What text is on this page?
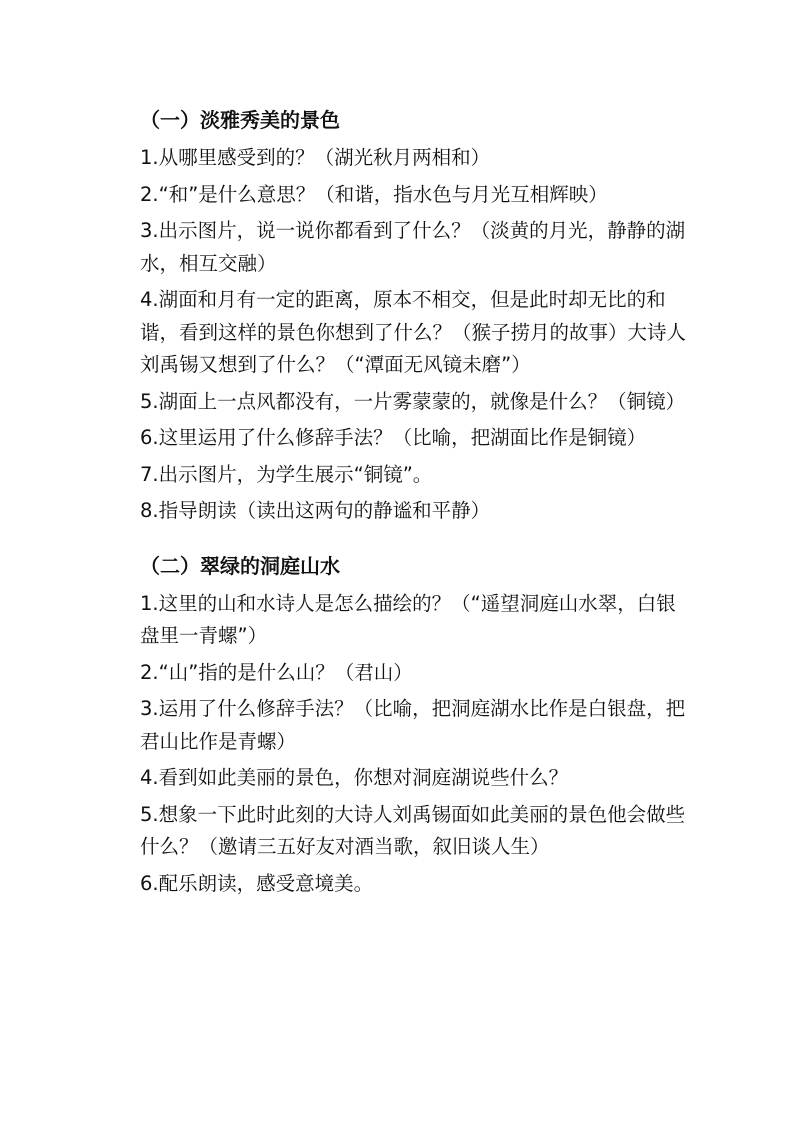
（一）淡雅秀美的景色
1.从哪里感受到的？（湖光秋月两相和）
2.“和”是什么意思？（和谐，指水色与月光互相辉映）
3.出示图片，说一说你都看到了什么？（淡黄的月光，静静的湖水，相互交融）
4.湖面和月有一定的距离，原本不相交，但是此时却无比的和谐，看到这样的景色你想到了什么？（猴子捞月的故事）大诗人刘禹锡又想到了什么？（“潭面无风镜未磨”）
5.湖面上一点风都没有，一片雾蒙蒙的，就像是什么？（铜镜）
6.这里运用了什么修辞手法？（比喻，把湖面比作是铜镜）
7.出示图片，为学生展示“铜镜”。
8.指导朗读（读出这两句的静谧和平静）
（二）翠绿的洞庭山水
1.这里的山和水诗人是怎么描绘的？（“遥望洞庭山水翠，白银盘里一青螺”）
2.“山”指的是什么山？（君山）
3.运用了什么修辞手法？（比喻，把洞庭湖水比作是白银盘，把君山比作是青螺）
4.看到如此美丽的景色，你想对洞庭湖说些什么？
5.想象一下此时此刻的大诗人刘禹锡面如此美丽的景色他会做些什么？（邀请三五好友对酒当歌，叙旧谈人生）
6.配乐朗读，感受意境美。
